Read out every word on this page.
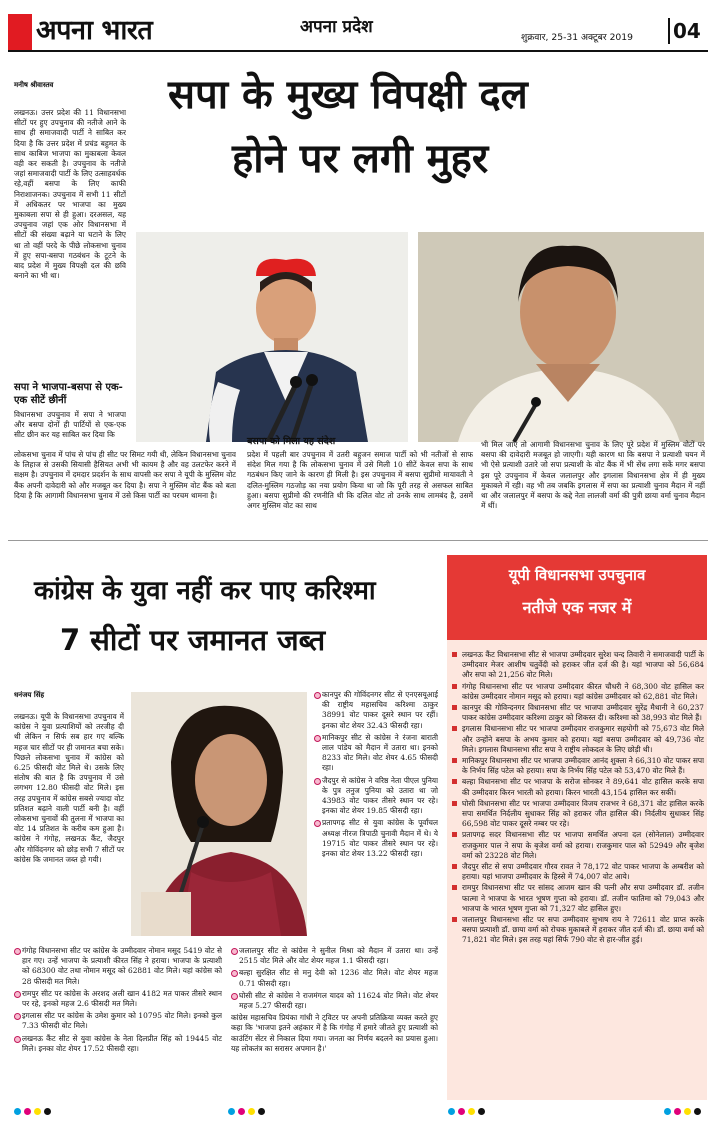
अपना भारत	अपना प्रदेश
शुक्रवार, 25-31 अक्टूबर 2019 04
सपा के मुख्य विपक्षी दल
होने पर लगी मुहर
मनीष श्रीवास्तव
लखनऊ। उत्तर प्रदेश की 11 विधानसभा सीटों पर हुए उपचुनाव की नतीजे आने के साथ ही समाजवादी पार्टी ने साबित कर दिया है कि उत्तर प्रदेश में प्रचंड बहुमत के साथ काबिज भाजपा का मुकाबला केवल वही कर सकती है। उपचुनाव के नतीजे जहां समाजवादी पार्टी के लिए उत्साहवर्धक रहे,वहीं बसपा के लिए काफी निराशाजनक। उपचुनाव में सभी 11 सीटों में अधिकतर पर भाजपा का मुख्य मुकाबला सपा से ही हुआ। दरअसल, यह उपचुनाव जहां एक ओर विधानसभा में सीटों की संख्या बढ़ाने या घटाने के लिए था तो वहीं परदे के पीछे लोकसभा चुनाव में हुए सपा-बसपा गठबंधन के टूटने के बाद प्रदेश में मुख्य विपक्षी दल की छवि बनाने का भी था।
सपा ने भाजपा-बसपा से एक-एक सीटें छीनीं
विधानसभा उपचुनाव में सपा ने भाजपा और बसपा दोनों ही पार्टियों से एक-एक सीट छीन कर यह साबित कर दिया कि
लोकसभा चुनाव में पांच से पांच ही सीट पर सिमट गयी थी, लेकिन विधानसभा चुनाव के लिहाज से उसकी सियासी हैसियत अभी भी कायम है और वह उलटफेर करने में सक्षम है। उपचुनाव में दमदार प्रदर्शन के साथ वापसी कर सपा ने यूपी के मुस्लिम वोट बैंक अपनी दावेदारी को और मजबूत कर दिया है। सपा ने मुस्लिम वोट बैंक को बता दिया है कि आगामी विधानसभा चुनाव में उसे किस पार्टी का परचम थामना है।
बसपा को मिला यह संदेश
प्रदेश में पहली बार उपचुनाव में उतरी बहुजन समाज पार्टी को भी नतीजों से साफ संदेश मिल गया है कि लोकसभा चुनाव में उसे मिली 10 सीटें केवल सपा के साथ गठबंधन किए जाने के कारण ही मिली है। इस उपचुनाव में बसपा सुप्रीमो मायावती ने दलित-मुस्लिम गठजोड़ का नया प्रयोग किया था जो कि पूरी तरह से असफल साबित हुआ। बसपा सुप्रीमो की रणनीति थी कि दलित वोट तो उनके साथ लामबंद है, उसमें अगर मुस्लिम वोट का साथ
भी मिल जाए तो आगामी विधानसभा चुनाव के लिए पूरे प्रदेश में मुस्लिम वोटों पर बसपा की दावेदारी मजबूत हो जाएगी। यही कारण था कि बसपा ने प्रत्याशी चयन में भी ऐसे प्रत्याशी उतारे जो सपा प्रत्याशी के वोट बैंक में भी सेंध लगा सकें मगर बसपा इस पूरे उपचुनाव में केवल जलालपुर और इगलास विधानसभा क्षेत्र में ही मुख्य मुकाबले में रही। वह भी तब जबकि इगलास में सपा का प्रत्याशी चुनाव मैदान में नहीं था और जलालपुर में बसपा के कद्दे नेता लालजी वर्मा की पुत्री छाया वर्मा चुनाव मैदान में थीं।
कांग्रेस के युवा नहीं कर पाए करिश्मा
7 सीटों पर जमानत जब्त
धनंजय सिंह
लखनऊ। यूपी के विधानसभा उपचुनाव में कांग्रेस ने युवा प्रत्याशियों को तरजीह दी थी लेकिन न सिर्फ सब हार गए बल्कि महज चार सीटों पर ही जमानत बचा सके। पिछले लोकसभा चुनाव में कांग्रेस को 6.25 फीसदी वोट मिले थे। उसके लिए संतोष की बात है कि उपचुनाव में उसे लगभग 12.80 फीसदी वोट मिले। इस तरह उपचुनाव में कांग्रेस सबसे ज्यादा वोट प्रतिशत बढ़ाने वाली पार्टी बनी है। वहीं लोकसभा चुनावों की तुलना में भाजपा का वोट 14 प्रतिशत के करीब कम हुआ है। कांग्रेस ने गंगोह, लखनऊ कैंट, जैदपुर और गोविंदनगर को छोड़ सभी 7 सीटों पर कांग्रेस कि जमानत जब्त हो गयी।
कानपुर की गोविंदनगर सीट से एनएसयूआई की राष्ट्रीय महासचिव करिश्मा ठाकुर 38991 वोट पाकर दूसरे स्थान पर रहीं। इनका वोट शेयर 32.43 फीसदी रहा।
मानिकपुर सीट से कांग्रेस ने रंजना बाराती लाल पांडेय को मैदान में उतारा था। इनको 8233 वोट मिले। वोट शेयर 4.65 फीसदी रहा।
जैदपुर से कांग्रेस ने वरिष्ठ नेता पीएल पुनिया के पुत्र तनुज पुनिया को उतारा था जो 43983 वोट पाकर तीसरे स्थान पर रहे। इनका वोट शेयर 19.85 फीसदी रहा।
प्रतापगढ़ सीट से युवा कांग्रेस के पूर्वांचल अध्यक्ष नीरज त्रिपाठी चुनावी मैदान में थे। ये 19715 वोट पाकर तीसरे स्थान पर रहे। इनका वोट शेयर 13.22 फीसदी रहा।
गंगोह विधानसभा सीट पर कांग्रेस के उम्मीदवार नोमान मसूद 5419 वोट से हार गए। उन्हें भाजपा के प्रत्याशी कीरत सिंह ने हराया। भाजपा के प्रत्याशी को 68300 वोट तथा नोमान मसूद को 62881 वोट मिले। यहां कांग्रेस को 28 फीसदी मत मिले।
रामपुर सीट पर कांग्रेस के अरशद अली खान 4182 मत पाकर तीसरे स्थान पर रहे, इनको महज 2.6 फीसदी मत मिले।
इगलास सीट पर कांग्रेस के उमेश कुमार को 10795 वोट मिले। इनको कुल 7.33 फीसदी वोट मिले।
लखनऊ कैंट सीट से युवा कांग्रेस के नेता दिलप्रीत सिंह को 19445 वोट मिले। इनका वोट शेयर 17.52 फीसदी रहा।
जलालपुर सीट से कांग्रेस ने सुनील मिश्रा को मैदान में उतारा था। उन्हें 2515 वोट मिले और वोट शेयर महज 1.1 फीसदी रहा।
बल्हा सुरक्षित सीट से मनु देवी को 1236 वोट मिले। वोट शेयर महज 0.71 फीसदी रहा।
घोसी सीट से कांग्रेस ने राजमंगल यादव को 11624 वोट मिले। वोट शेयर महज 5.27 फीसदी रहा।
कांग्रेस महासचिव प्रियंका गांधी ने ट्विटर पर अपनी प्रतिक्रिया व्यक्त करते हुए कहा कि 'भाजपा इतने अहंकार में है कि गंगोह में हमारे जीतते हुए प्रत्याशी को काउंटिंग सेंटर से निकाल दिया गया। जनता का निर्णय बदलने का प्रयास हुआ। यह लोकतंत्र का सरासर अपमान है।'
यूपी विधानसभा उपचुनाव
नतीजे एक नजर में
लखनऊ कैंट विधानसभा सीट से भाजपा उम्मीदवार सुरेश चन्द तिवारी ने समाजवादी पार्टी के उम्मीदवार मेजर आशीष चतुर्वेदी को हराकर जीत दर्ज की है। यहां भाजपा को 56,684 और सपा को 21,256 वोट मिले।
गंगोह विधानसभा सीट पर भाजपा उम्मीदवार कीरत चौधरी ने 68,300 वोट हासिल कर कांग्रेस उम्मीदवार नोमान मसूद को हराया। यहां कांग्रेस उम्मीदवार को 62,881 वोट मिले।
कानपुर की गोविन्दनगर विधानसभा सीट पर भाजपा उम्मीदवार सुरेंद्र मैथानी ने 60,237 पाकर कांग्रेस उम्मीदवार करिश्मा ठाकुर को शिकस्त दी। करिश्मा को 38,993 वोट मिले हैं।
इगलास विधानसभा सीट पर भाजपा उम्मीदवार राजकुमार सहयोगी को 75,673 वोट मिले और उन्होंने बसपा के अभय कुमार को हराया। यहां बसपा उम्मीदवार को 49,736 वोट मिले। इगलास विधानसभा सीट सपा ने राष्ट्रीय लोकदल के लिए छोड़ी थी।
मानिकपुर विधानसभा सीट पर भाजपा उम्मीदवार आनंद शुक्ला ने 66,310 वोट पाकर सपा के निर्भय सिंह पटेल को हराया। सपा के निर्भय सिंह पटेल को 53,470 वोट मिले हैं।
बल्हा विधानसभा सीट पर भाजपा के सरोज सोनकर ने 89,641 वोट हासिल करके सपा की उम्मीदवार किरन भारती को हराया। किरन भारती 43,154 हासिल कर सकीं।
घोसी विधानसभा सीट पर भाजपा उम्मीदवार विजय राजभर ने 68,371 वोट हासिल करके सपा समर्थित निर्दलीय सुधाकर सिंह को हराकर जीत हासिल की। निर्दलीय सुधाकर सिंह 66,598 वोट पाकर दूसरे नम्बर पर रहे।
प्रतापगढ़ सदर विधानसभा सीट पर भाजपा समर्थित अपना दल (सोनेलाल) उम्मीदवार राजकुमार पाल ने सपा के बृजेश वर्मा को हराया। राजकुमार पाल को 52949 और बृजेश वर्मा को 23228 वोट मिले।
जैदपुर सीट से सपा उम्मीदवार गौरव रावत ने 78,172 वोट पाकर भाजपा के अम्बरीश को हराया। यहां भाजपा उम्मीदवार के हिस्से में 74,007 वोट आये।
रामपुर विधानसभा सीट पर सांसद आजम खान की पत्नी और सपा उम्मीदवार डॉ. तजीन फात्मा ने भाजपा के भारत भूषण गुप्ता को हराया। डॉ. तजीन फातिमा को 79,043 और भाजपा के भारत भूषण गुप्ता को 71,327 वोट हासिल हुए।
जलालपुर विधानसभा सीट पर सपा उम्मीदवार सुभाष राय ने 72611 वोट प्राप्त करके बसपा प्रत्याशी डॉ. छाया वर्मा को रोचक मुकाबले में हराकर जीत दर्ज की। डॉ. छाया वर्मा को 71,821 वोट मिले। इस तरह यहां सिर्फ 790 वोट से हार-जीत हुई।
